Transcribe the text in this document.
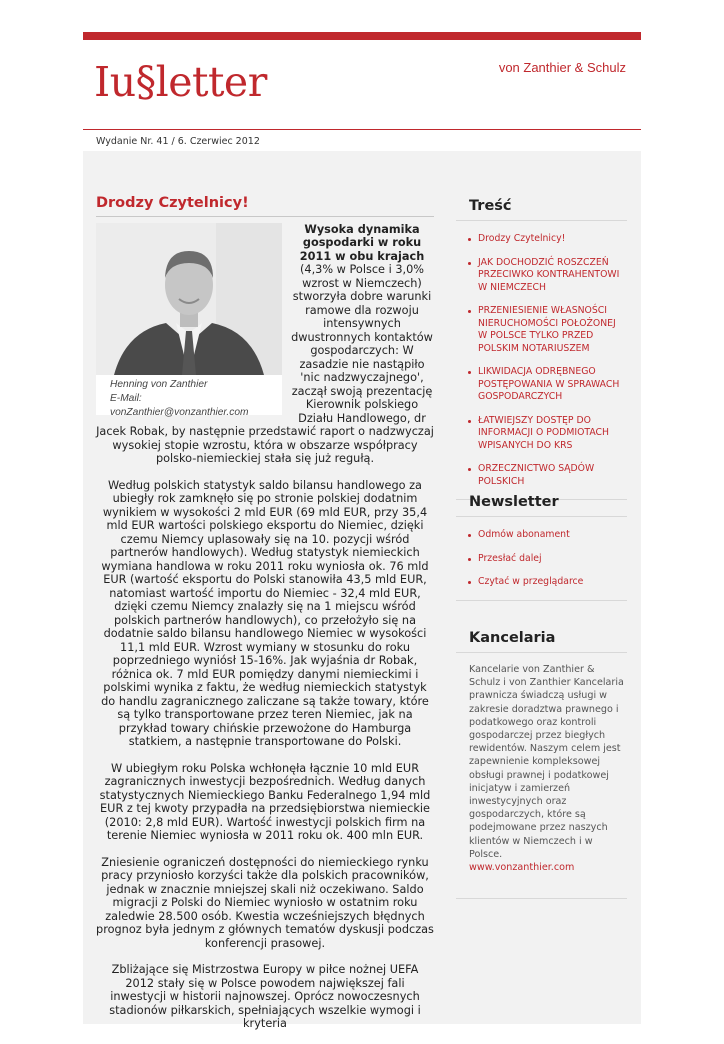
Iu§letter	von Zanthier & Schulz
Wydanie Nr. 41 / 6. Czerwiec 2012
Drodzy Czytelnicy!
Henning von Zanthier
E-Mail: vonZanthier@vonzanthier.com

Wysoka dynamika gospodarki w roku 2011 w obu krajach (4,3% w Polsce i 3,0% wzrost w Niemczech) stworzyła dobre warunki ramowe dla rozwoju intensywnych dwustronnych kontaktów gospodarczych: W zasadzie nie nastąpiło 'nic nadzwyczajnego', zaczął swoją prezentację Kierownik polskiego Działu Handlowego, dr Jacek Robak, by następnie przedstawić raport o nadzwyczaj wysokiej stopie wzrostu, która w obszarze współpracy polsko-niemieckiej stała się już regułą.

Według polskich statystyk saldo bilansu handlowego za ubiegły rok zamknęło się po stronie polskiej dodatnim wynikiem w wysokości 2 mld EUR (69 mld EUR, przy 35,4 mld EUR wartości polskiego eksportu do Niemiec, dzięki czemu Niemcy uplasowały się na 10. pozycji wśród partnerów handlowych). Według statystyk niemieckich wymiana handlowa w roku 2011 roku wyniosła ok. 76 mld EUR (wartość eksportu do Polski stanowiła 43,5 mld EUR, natomiast wartość importu do Niemiec - 32,4 mld EUR, dzięki czemu Niemcy znalazły się na 1 miejscu wśród polskich partnerów handlowych), co przełożyło się na dodatnie saldo bilansu handlowego Niemiec w wysokości 11,1 mld EUR. Wzrost wymiany w stosunku do roku poprzedniego wyniósł 15-16%. Jak wyjaśnia dr Robak, różnica ok. 7 mld EUR pomiędzy danymi niemieckimi i polskimi wynika z faktu, że według niemieckich statystyk do handlu zagranicznego zaliczane są także towary, które są tylko transportowane przez teren Niemiec, jak na przykład towary chińskie przewożone do Hamburga statkiem, a następnie transportowane do Polski.

W ubiegłym roku Polska wchłonęła łącznie 10 mld EUR zagranicznych inwestycji bezpośrednich. Według danych statystycznych Niemieckiego Banku Federalnego 1,94 mld EUR z tej kwoty przypadła na przedsiębiorstwa niemieckie (2010: 2,8 mld EUR). Wartość inwestycji polskich firm na terenie Niemiec wyniosła w 2011 roku ok. 400 mln EUR.

Zniesienie ograniczeń dostępności do niemieckiego rynku pracy przyniosło korzyści także dla polskich pracowników, jednak w znacznie mniejszej skali niż oczekiwano. Saldo migracji z Polski do Niemiec wyniosło w ostatnim roku zaledwie 28.500 osób. Kwestia wcześniejszych błędnych prognoz była jednym z głównych tematów dyskusji podczas konferencji prasowej.

Zbliżające się Mistrzostwa Europy w piłce nożnej UEFA 2012 stały się w Polsce powodem największej fali inwestycji w historii najnowszej. Oprócz nowoczesnych stadionów piłkarskich, spełniających wszelkie wymogi i kryteria

Treść
Drodzy Czytelnicy!
JAK DOCHODZIĆ ROSZCZEŃ PRZECIWKO KONTRAHENTOWI W NIEMCZECH
PRZENIESIENIE WŁASNOŚCI NIERUCHOMOŚCI POŁOŻONEJ W POLSCE TYLKO PRZED POLSKIM NOTARIUSZEM
LIKWIDACJA ODRĘBNEGO POSTĘPOWANIA W SPRAWACH GOSPODARCZYCH
ŁATWIEJSZY DOSTĘP DO INFORMACJI O PODMIOTACH WPISANYCH DO KRS
ORZECZNICTWO SĄDÓW POLSKICH
Newsletter
Odmów abonament
Przesłać dalej
Czytać w przeglądarce
Kancelaria
Kancelarie von Zanthier & Schulz i von Zanthier Kancelaria prawnicza świadczą usługi w zakresie doradztwa prawnego i podatkowego oraz kontroli gospodarczej przez biegłych rewidentów. Naszym celem jest zapewnienie kompleksowej obsługi prawnej i podatkowej inicjatyw i zamierzeń inwestycyjnych oraz gospodarczych, które są podejmowane przez naszych klientów w Niemczech i w Polsce.
www.vonzanthier.com
